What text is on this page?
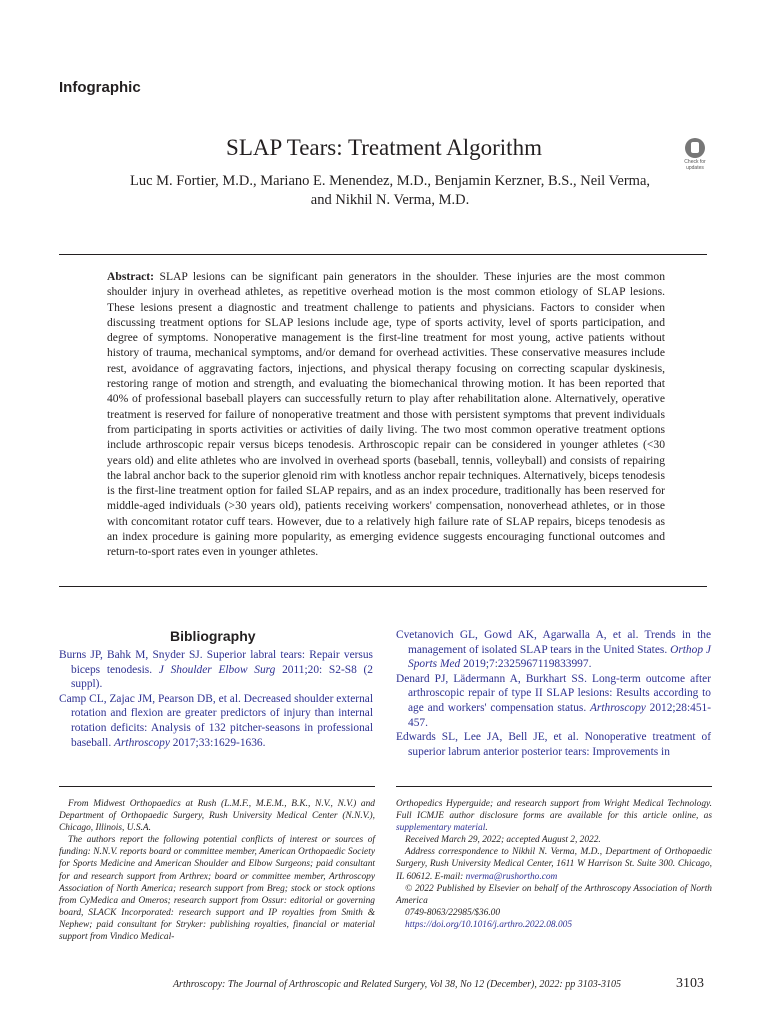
Infographic
SLAP Tears: Treatment Algorithm
Check for updates
Luc M. Fortier, M.D., Mariano E. Menendez, M.D., Benjamin Kerzner, B.S., Neil Verma,
and Nikhil N. Verma, M.D.
Abstract: SLAP lesions can be significant pain generators in the shoulder. These injuries are the most common shoulder injury in overhead athletes, as repetitive overhead motion is the most common etiology of SLAP lesions. These lesions present a diagnostic and treatment challenge to patients and physicians. Factors to consider when discussing treatment options for SLAP lesions include age, type of sports activity, level of sports participation, and degree of symptoms. Nonoperative management is the first-line treatment for most young, active patients without history of trauma, mechanical symptoms, and/or demand for overhead activities. These conservative measures include rest, avoidance of aggravating factors, injections, and physical therapy focusing on correcting scapular dyskinesis, restoring range of motion and strength, and evaluating the biomechanical throwing motion. It has been reported that 40% of professional baseball players can successfully return to play after rehabilitation alone. Alternatively, operative treatment is reserved for failure of nonoperative treatment and those with persistent symptoms that prevent individuals from participating in sports activities or activities of daily living. The two most common operative treatment options include arthroscopic repair versus biceps tenodesis. Arthroscopic repair can be considered in younger athletes (<30 years old) and elite athletes who are involved in overhead sports (baseball, tennis, volleyball) and consists of repairing the labral anchor back to the superior glenoid rim with knotless anchor repair techniques. Alternatively, biceps tenodesis is the first-line treatment option for failed SLAP repairs, and as an index procedure, traditionally has been reserved for middle-aged individuals (>30 years old), patients receiving workers' compensation, nonoverhead athletes, or in those with concomitant rotator cuff tears. However, due to a relatively high failure rate of SLAP repairs, biceps tenodesis as an index procedure is gaining more popularity, as emerging evidence suggests encouraging functional outcomes and return-to-sport rates even in younger athletes.
Bibliography

Burns JP, Bahk M, Snyder SJ. Superior labral tears: Repair versus biceps tenodesis. J Shoulder Elbow Surg 2011;20: S2-S8 (2 suppl).

Camp CL, Zajac JM, Pearson DB, et al. Decreased shoulder external rotation and flexion are greater predictors of injury than internal rotation deficits: Analysis of 132 pitcher-seasons in professional baseball. Arthroscopy 2017;33:1629-1636.

Cvetanovich GL, Gowd AK, Agarwalla A, et al. Trends in the management of isolated SLAP tears in the United States. Orthop J Sports Med 2019;7:2325967119833997.

Denard PJ, Lädermann A, Burkhart SS. Long-term outcome after arthroscopic repair of type II SLAP lesions: Results according to age and workers' compensation status. Arthroscopy 2012;28:451-457.

Edwards SL, Lee JA, Bell JE, et al. Nonoperative treatment of superior labrum anterior posterior tears: Improvements in

From Midwest Orthopaedics at Rush (L.M.F., M.E.M., B.K., N.V., N.V.) and Department of Orthopaedic Surgery, Rush University Medical Center (N.N.V.), Chicago, Illinois, U.S.A.

The authors report the following potential conflicts of interest or sources of funding: N.N.V. reports board or committee member, American Orthopaedic Society for Sports Medicine and American Shoulder and Elbow Surgeons; paid consultant for and research support from Arthrex; board or committee member, Arthroscopy Association of North America; research support from Breg; stock or stock options from CyMedica and Omeros; research support from Ossur: editorial or governing board, SLACK Incorporated: research support and IP royalties from Smith & Nephew; paid consultant for Stryker: publishing royalties, financial or material support from Vindico Medical-

Orthopedics Hyperguide; and research support from Wright Medical Technology. Full ICMJE author disclosure forms are available for this article online, as supplementary material.

Received March 29, 2022; accepted August 2, 2022.

Address correspondence to Nikhil N. Verma, M.D., Department of Orthopaedic Surgery, Rush University Medical Center, 1611 W Harrison St. Suite 300. Chicago, IL 60612. E-mail: nverma@rushortho.com

© 2022 Published by Elsevier on behalf of the Arthroscopy Association of North America

0749-8063/22985/$36.00

https://doi.org/10.1016/j.arthro.2022.08.005

Arthroscopy: The Journal of Arthroscopic and Related Surgery, Vol 38, No 12 (December), 2022: pp 3103-3105	3103
